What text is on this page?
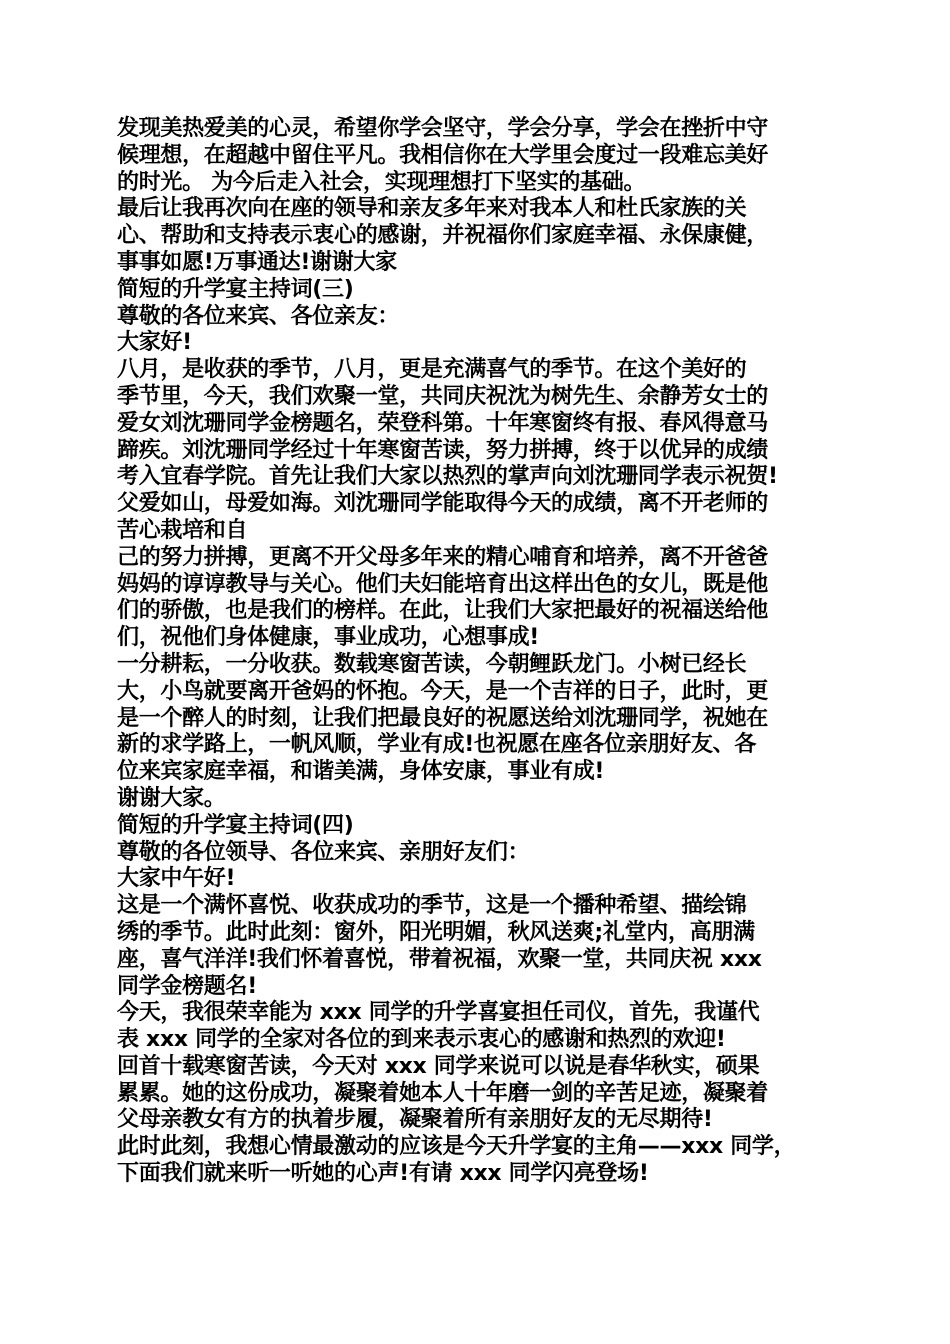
发现美热爱美的心灵，希望你学会坚守，学会分享，学会在挫折中守
候理想，在超越中留住平凡。我相信你在大学里会度过一段难忘美好
的时光。 为今后走入社会，实现理想打下坚实的基础。
最后让我再次向在座的领导和亲友多年来对我本人和杜氏家族的关
心、帮助和支持表示衷心的感谢，并祝福你们家庭幸福、永保康健，
事事如愿!万事通达!谢谢大家
简短的升学宴主持词(三)
尊敬的各位来宾、各位亲友：
大家好!
八月，是收获的季节，八月，更是充满喜气的季节。在这个美好的
季节里，今天，我们欢聚一堂，共同庆祝沈为树先生、余静芳女士的
爱女刘沈珊同学金榜题名，荣登科第。十年寒窗终有报、春风得意马
蹄疾。刘沈珊同学经过十年寒窗苦读，努力拼搏，终于以优异的成绩
考入宜春学院。首先让我们大家以热烈的掌声向刘沈珊同学表示祝贺!
父爱如山，母爱如海。刘沈珊同学能取得今天的成绩，离不开老师的
苦心栽培和自
己的努力拼搏，更离不开父母多年来的精心哺育和培养，离不开爸爸
妈妈的谆谆教导与关心。他们夫妇能培育出这样出色的女儿，既是他
们的骄傲，也是我们的榜样。在此，让我们大家把最好的祝福送给他
们，祝他们身体健康，事业成功，心想事成!
一分耕耘，一分收获。数载寒窗苦读，今朝鲤跃龙门。小树已经长
大，小鸟就要离开爸妈的怀抱。今天，是一个吉祥的日子，此时，更
是一个醉人的时刻，让我们把最良好的祝愿送给刘沈珊同学，祝她在
新的求学路上，一帆风顺，学业有成!也祝愿在座各位亲朋好友、各
位来宾家庭幸福，和谐美满，身体安康，事业有成!
谢谢大家。
简短的升学宴主持词(四)
尊敬的各位领导、各位来宾、亲朋好友们：
大家中午好!
这是一个满怀喜悦、收获成功的季节，这是一个播种希望、描绘锦
绣的季节。此时此刻：窗外，阳光明媚，秋风送爽;礼堂内，高朋满
座，喜气洋洋!我们怀着喜悦，带着祝福，欢聚一堂，共同庆祝 xxx
同学金榜题名!
今天，我很荣幸能为 xxx 同学的升学喜宴担任司仪，首先，我谨代
表 xxx 同学的全家对各位的到来表示衷心的感谢和热烈的欢迎!
回首十载寒窗苦读，今天对 xxx 同学来说可以说是春华秋实，硕果
累累。她的这份成功，凝聚着她本人十年磨一剑的辛苦足迹，凝聚着
父母亲教女有方的执着步履，凝聚着所有亲朋好友的无尽期待!
此时此刻，我想心情最激动的应该是今天升学宴的主角——xxx 同学，
下面我们就来听一听她的心声!有请 xxx 同学闪亮登场!
